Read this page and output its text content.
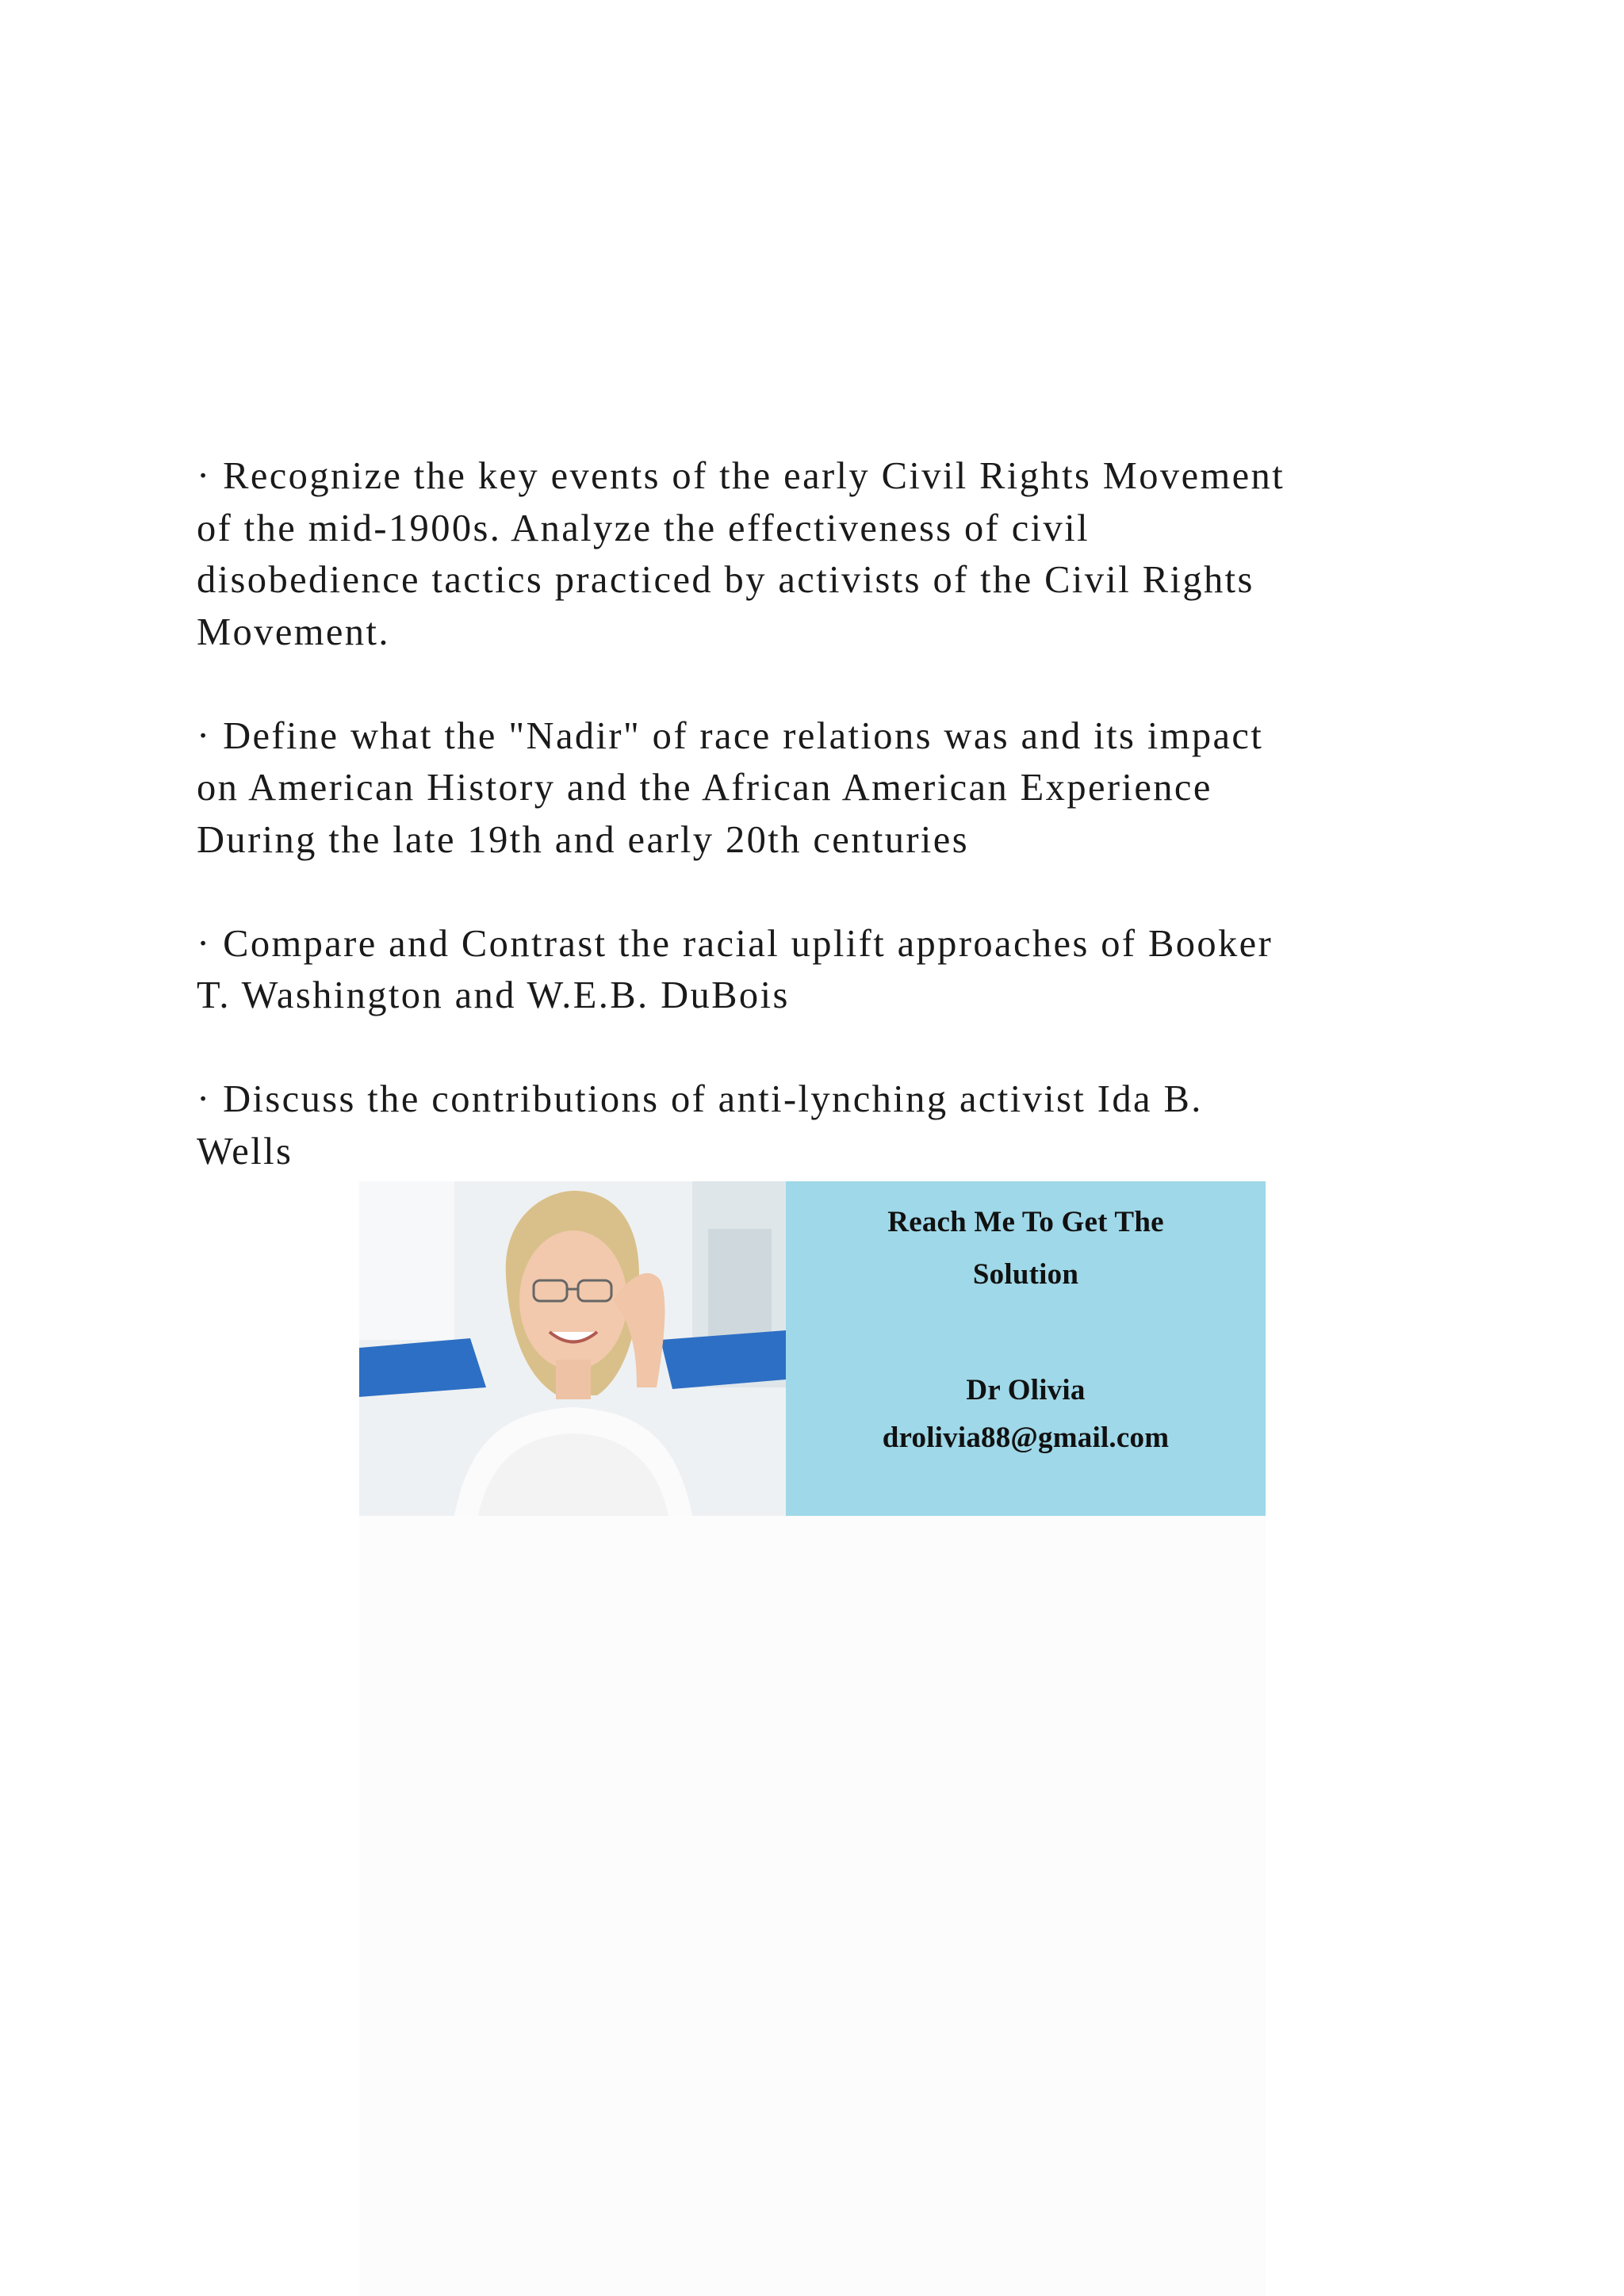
· Recognize the key events of the early Civil Rights Movement
of the mid-1900s. Analyze the effectiveness of civil
disobedience tactics practiced by activists of the Civil Rights
Movement.

· Define what the "Nadir" of race relations was and its impact
on American History and the African American Experience
During the late 19th and early 20th centuries

· Compare and Contrast the racial uplift approaches of Booker
T. Washington and W.E.B. DuBois

· Discuss the contributions of anti-lynching activist Ida B.
Wells

Reach Me To Get The
Solution
Dr Olivia
drolivia88@gmail.com
